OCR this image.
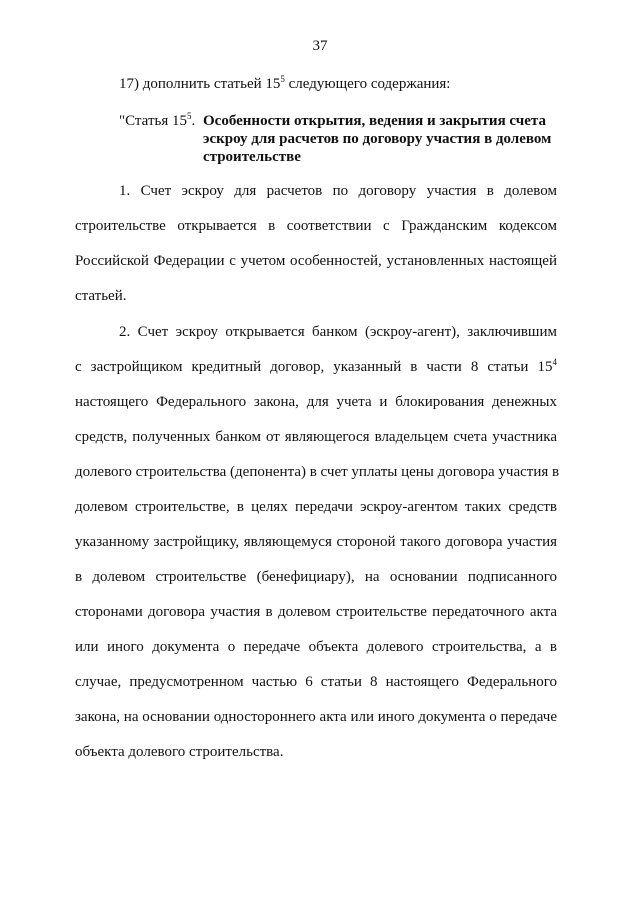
37
17) дополнить статьей $15^5$ следующего содержания:
"Статья $15^5$. Особенности открытия, ведения и закрытия счета
эскроу для расчетов по договору участия в долевом
строительстве
1. Счет эскроу для расчетов по договору участия в долевом
строительстве открывается в соответствии с Гражданским кодексом
Российской Федерации с учетом особенностей, установленных настоящей
статьей.
2. Счет эскроу открывается банком (эскроу-агент), заключившим
с застройщиком кредитный договор, указанный в части 8 статьи $15^4$
настоящего Федерального закона, для учета и блокирования денежных
средств, полученных банком от являющегося владельцем счета участника
долевого строительства (депонента) в счет уплаты цены договора участия в
долевом строительстве, в целях передачи эскроу-агентом таких средств
указанному застройщику, являющемуся стороной такого договора участия
в долевом строительстве (бенефициару), на основании подписанного
сторонами договора участия в долевом строительстве передаточного акта
или иного документа о передаче объекта долевого строительства, а в
случае, предусмотренном частью 6 статьи 8 настоящего Федерального
закона, на основании одностороннего акта или иного документа о передаче
объекта долевого строительства.
